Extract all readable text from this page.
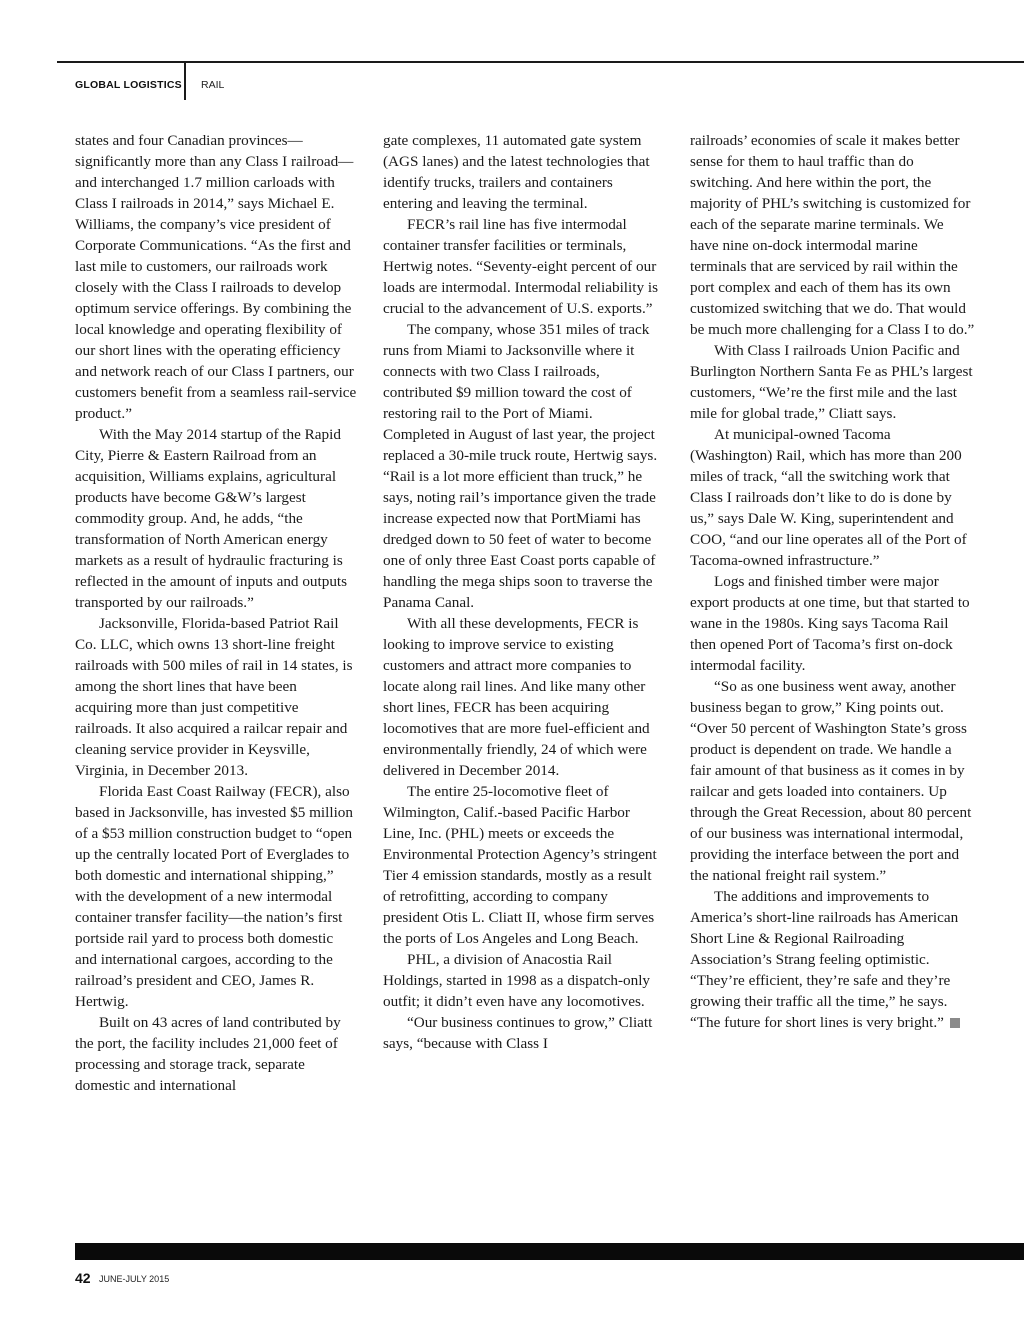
GLOBAL LOGISTICS RAIL

states and four Canadian provinces—significantly more than any Class I railroad—and interchanged 1.7 million carloads with Class I railroads in 2014,” says Michael E. Williams, the company’s vice president of Corporate Communications. “As the first and last mile to customers, our railroads work closely with the Class I railroads to develop optimum service offerings. By combining the local knowledge and operating flexibility of our short lines with the operating efficiency and network reach of our Class I partners, our customers benefit from a seamless rail-service product.”

With the May 2014 startup of the Rapid City, Pierre & Eastern Railroad from an acquisition, Williams explains, agricultural products have become G&W’s largest commodity group. And, he adds, “the transformation of North American energy markets as a result of hydraulic fracturing is reflected in the amount of inputs and outputs transported by our railroads.”

Jacksonville, Florida-based Patriot Rail Co. LLC, which owns 13 short-line freight railroads with 500 miles of rail in 14 states, is among the short lines that have been acquiring more than just competitive railroads. It also acquired a railcar repair and cleaning service provider in Keysville, Virginia, in December 2013.

Florida East Coast Railway (FECR), also based in Jacksonville, has invested $5 million of a $53 million construction budget to “open up the centrally located Port of Everglades to both domestic and international shipping,” with the development of a new intermodal container transfer facility—the nation’s first portside rail yard to process both domestic and international cargoes, according to the railroad’s president and CEO, James R. Hertwig.

Built on 43 acres of land contributed by the port, the facility includes 21,000 feet of processing and storage track, separate domestic and international

gate complexes, 11 automated gate system (AGS lanes) and the latest technologies that identify trucks, trailers and containers entering and leaving the terminal.

FECR’s rail line has five intermodal container transfer facilities or terminals, Hertwig notes. “Seventy-eight percent of our loads are intermodal. Intermodal reliability is crucial to the advancement of U.S. exports.”

The company, whose 351 miles of track runs from Miami to Jacksonville where it connects with two Class I railroads, contributed $9 million toward the cost of restoring rail to the Port of Miami. Completed in August of last year, the project replaced a 30-mile truck route, Hertwig says. “Rail is a lot more efficient than truck,” he says, noting rail’s importance given the trade increase expected now that PortMiami has dredged down to 50 feet of water to become one of only three East Coast ports capable of handling the mega ships soon to traverse the Panama Canal.

With all these developments, FECR is looking to improve service to existing customers and attract more companies to locate along rail lines. And like many other short lines, FECR has been acquiring locomotives that are more fuel-efficient and environmentally friendly, 24 of which were delivered in December 2014.

The entire 25-locomotive fleet of Wilmington, Calif.-based Pacific Harbor Line, Inc. (PHL) meets or exceeds the Environmental Protection Agency’s stringent Tier 4 emission standards, mostly as a result of retrofitting, according to company president Otis L. Cliatt II, whose firm serves the ports of Los Angeles and Long Beach.

PHL, a division of Anacostia Rail Holdings, started in 1998 as a dispatch-only outfit; it didn’t even have any locomotives.

“Our business continues to grow,” Cliatt says, “because with Class I

railroads’ economies of scale it makes better sense for them to haul traffic than do switching. And here within the port, the majority of PHL’s switching is customized for each of the separate marine terminals. We have nine on-dock intermodal marine terminals that are serviced by rail within the port complex and each of them has its own customized switching that we do. That would be much more challenging for a Class I to do.”

With Class I railroads Union Pacific and Burlington Northern Santa Fe as PHL’s largest customers, “We’re the first mile and the last mile for global trade,” Cliatt says.

At municipal-owned Tacoma (Washington) Rail, which has more than 200 miles of track, “all the switching work that Class I railroads don’t like to do is done by us,” says Dale W. King, superintendent and COO, “and our line operates all of the Port of Tacoma-owned infrastructure.”

Logs and finished timber were major export products at one time, but that started to wane in the 1980s. King says Tacoma Rail then opened Port of Tacoma’s first on-dock intermodal facility.

“So as one business went away, another business began to grow,” King points out. “Over 50 percent of Washington State’s gross product is dependent on trade. We handle a fair amount of that business as it comes in by railcar and gets loaded into containers. Up through the Great Recession, about 80 percent of our business was international intermodal, providing the interface between the port and the national freight rail system.”

The additions and improvements to America’s short-line railroads has American Short Line & Regional Railroading Association’s Strang feeling optimistic. “They’re efficient, they’re safe and they’re growing their traffic all the time,” he says. “The future for short lines is very bright.”

42 JUNE-JULY 2015
